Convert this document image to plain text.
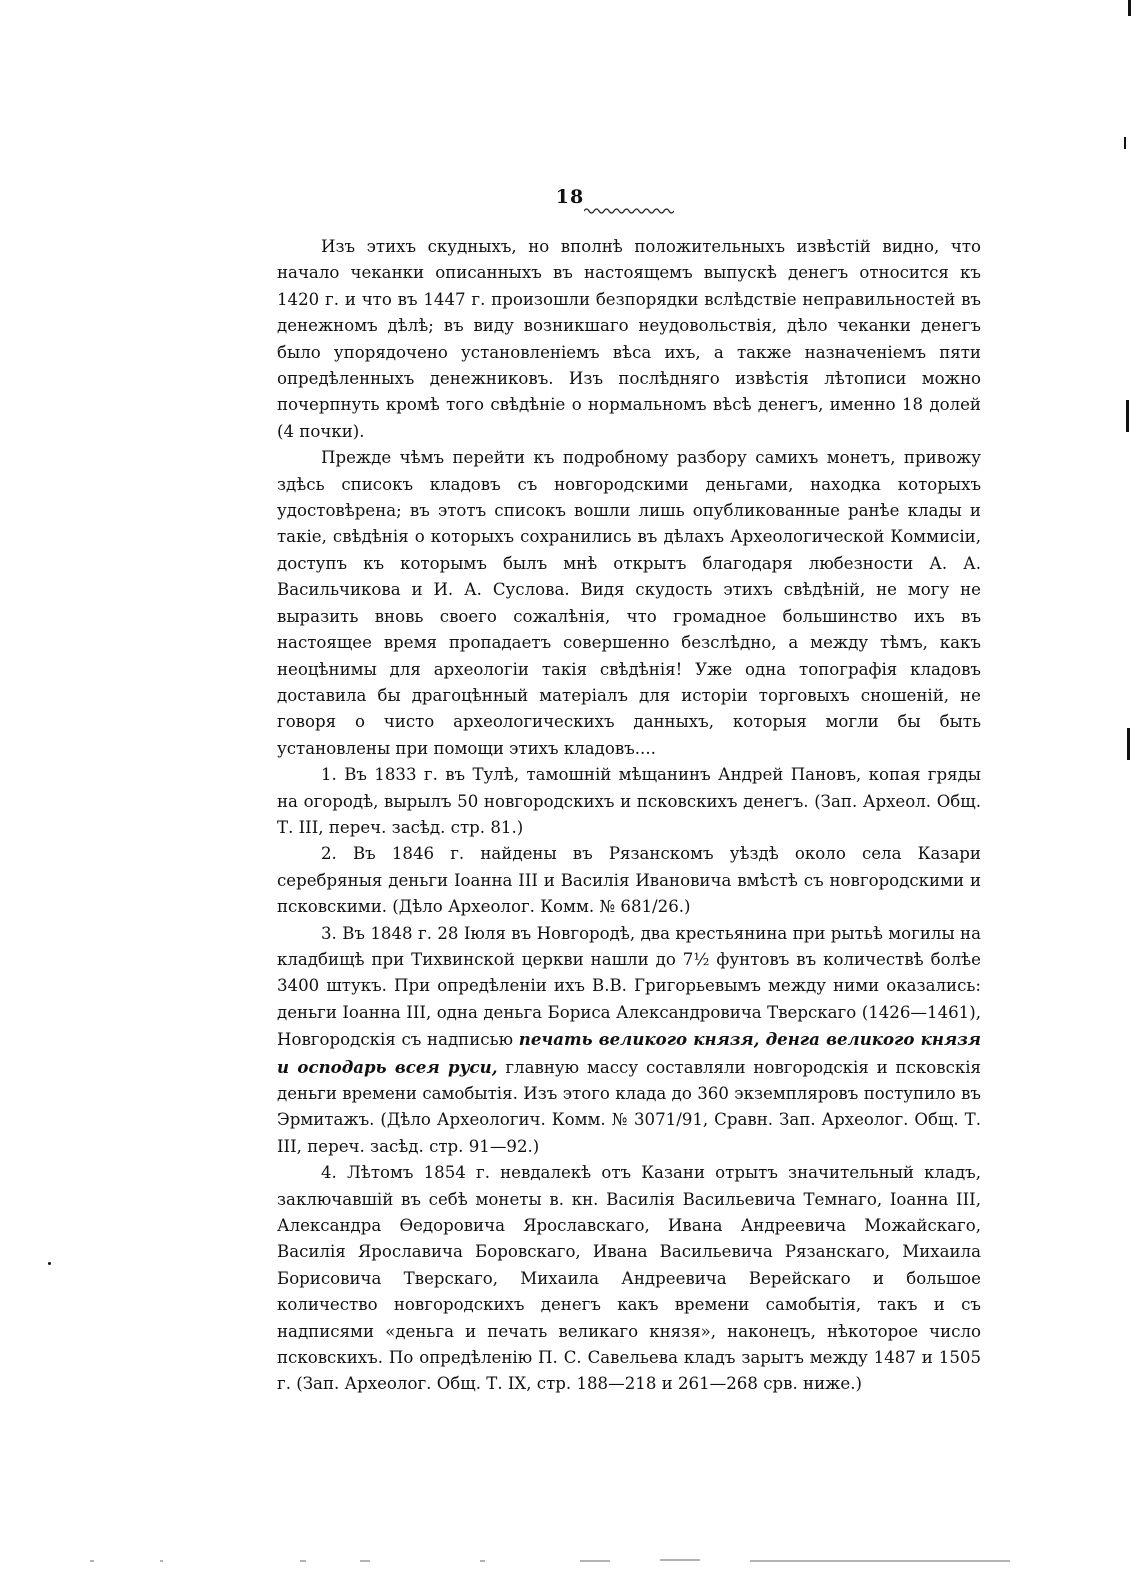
18

Изъ этихъ скудныхъ, но вполнѣ положительныхъ извѣстій видно, что начало чеканки описанныхъ въ настоящемъ выпускѣ денегъ относится къ 1420 г. и что въ 1447 г. произошли безпорядки вслѣдствіе неправильностей въ денежномъ дѣлѣ; въ виду возникшаго неудовольствія, дѣло чеканки денегъ было упорядочено установленіемъ вѣса ихъ, а также назначеніемъ пяти опредѣленныхъ денежниковъ. Изъ послѣдняго извѣстія лѣтописи можно почерпнуть кромѣ того свѣдѣніе о нормальномъ вѣсѣ денегъ, именно 18 долей (4 почки).

Прежде чѣмъ перейти къ подробному разбору самихъ монетъ, привожу здѣсь списокъ кладовъ съ новгородскими деньгами, находка которыхъ удостовѣрена; въ этотъ списокъ вошли лишь опубликованные ранѣе клады и такіе, свѣдѣнія о которыхъ сохранились въ дѣлахъ Археологической Коммисіи, доступъ къ которымъ былъ мнѣ открытъ благодаря любезности А. А. Васильчикова и И. А. Суслова. Видя скудость этихъ свѣдѣній, не могу не выразить вновь своего сожалѣнія, что громадное большинство ихъ въ настоящее время пропадаетъ совершенно безслѣдно, а между тѣмъ, какъ неоцѣнимы для археологіи такія свѣдѣнія! Уже одна топографія кладовъ доставила бы драгоцѣнный матеріалъ для исторіи торговыхъ сношеній, не говоря о чисто археологическихъ данныхъ, которыя могли бы быть установлены при помощи этихъ кладовъ....

1. Въ 1833 г. въ Тулѣ, тамошній мѣщанинъ Андрей Пановъ, копая гряды на огородѣ, вырылъ 50 новгородскихъ и псковскихъ денегъ. (Зап. Археол. Общ. Т. III, переч. засѣд. стр. 81.)

2. Въ 1846 г. найдены въ Рязанскомъ уѣздѣ около села Казари серебряныя деньги Іоанна III и Василія Ивановича вмѣстѣ съ новгородскими и псковскими. (Дѣло Археолог. Комм. № 681/26.)

3. Въ 1848 г. 28 Іюля въ Новгородѣ, два крестьянина при рытьѣ могилы на кладбищѣ при Тихвинской церкви нашли до 7½ фунтовъ въ количествѣ болѣе 3400 штукъ. При опредѣленіи ихъ В.В. Григорьевымъ между ними оказались: деньги Іоанна III, одна деньга Бориса Александровича Тверскаго (1426—1461), Новгородскія съ надписью печать великого князя, денга великого князя и осподарь всея руси, главную массу составляли новгородскія и псковскія деньги времени самобытія. Изъ этого клада до 360 экземпляровъ поступило въ Эрмитажъ. (Дѣло Археологич. Комм. № 3071/91, Сравн. Зап. Археолог. Общ. Т. III, переч. засѣд. стр. 91—92.)

4. Лѣтомъ 1854 г. невдалекѣ отъ Казани отрытъ значительный кладъ, заключавшій въ себѣ монеты в. кн. Василія Васильевича Темнаго, Іоанна III, Александра Ѳедоровича Ярославскаго, Ивана Андреевича Можайскаго, Василія Ярославича Боровскаго, Ивана Васильевича Рязанскаго, Михаила Борисовича Тверскаго, Михаила Андреевича Верейскаго и большое количество новгородскихъ денегъ какъ времени самобытія, такъ и съ надписями «деньга и печать великаго князя», наконецъ, нѣкоторое число псковскихъ. По опредѣленію П. С. Савельева кладъ зарытъ между 1487 и 1505 г. (Зап. Археолог. Общ. Т. IX, стр. 188—218 и 261—268 срв. ниже.)
